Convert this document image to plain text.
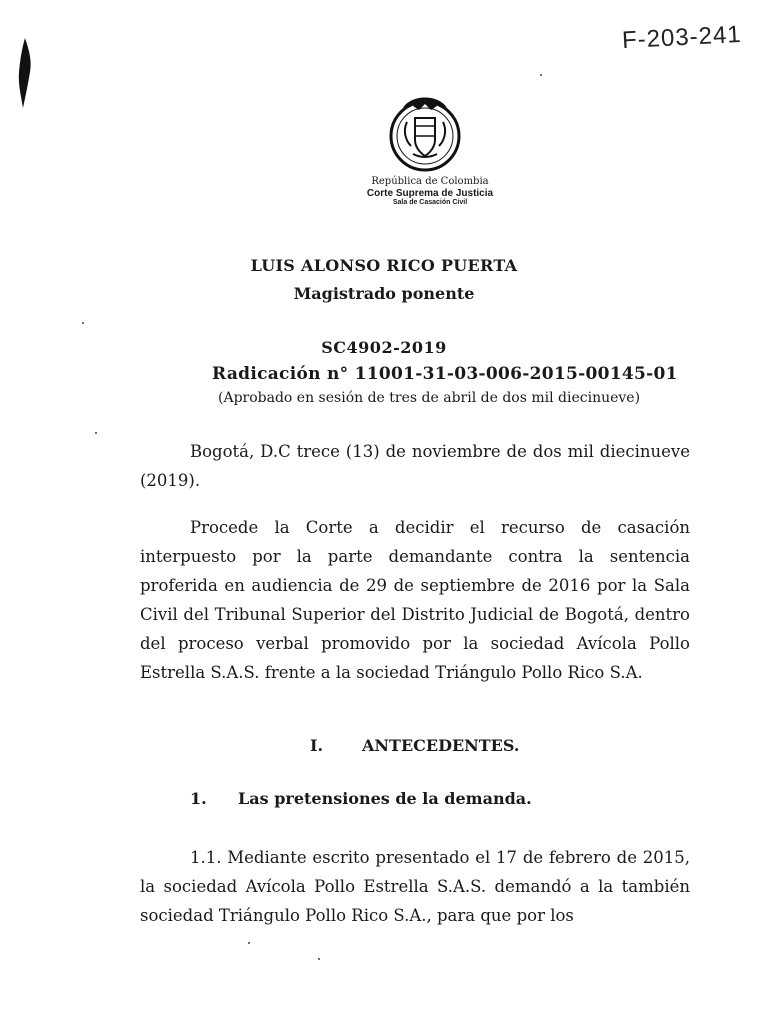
F-203-241
República de Colombia
Corte Suprema de Justicia
Sala de Casación Civil
LUIS ALONSO RICO PUERTA
Magistrado ponente
SC4902-2019
Radicación n° 11001-31-03-006-2015-00145-01
(Aprobado en sesión de tres de abril de dos mil diecinueve)
Bogotá, D.C trece (13) de noviembre de dos mil diecinueve (2019).
Procede la Corte a decidir el recurso de casación interpuesto por la parte demandante contra la sentencia proferida en audiencia de 29 de septiembre de 2016 por la Sala Civil del Tribunal Superior del Distrito Judicial de Bogotá, dentro del proceso verbal promovido por la sociedad Avícola Pollo Estrella S.A.S. frente a la sociedad Triángulo Pollo Rico S.A.
I. ANTECEDENTES.
1. Las pretensiones de la demanda.
1.1. Mediante escrito presentado el 17 de febrero de 2015, la sociedad Avícola Pollo Estrella S.A.S. demandó a la también sociedad Triángulo Pollo Rico S.A., para que por los
